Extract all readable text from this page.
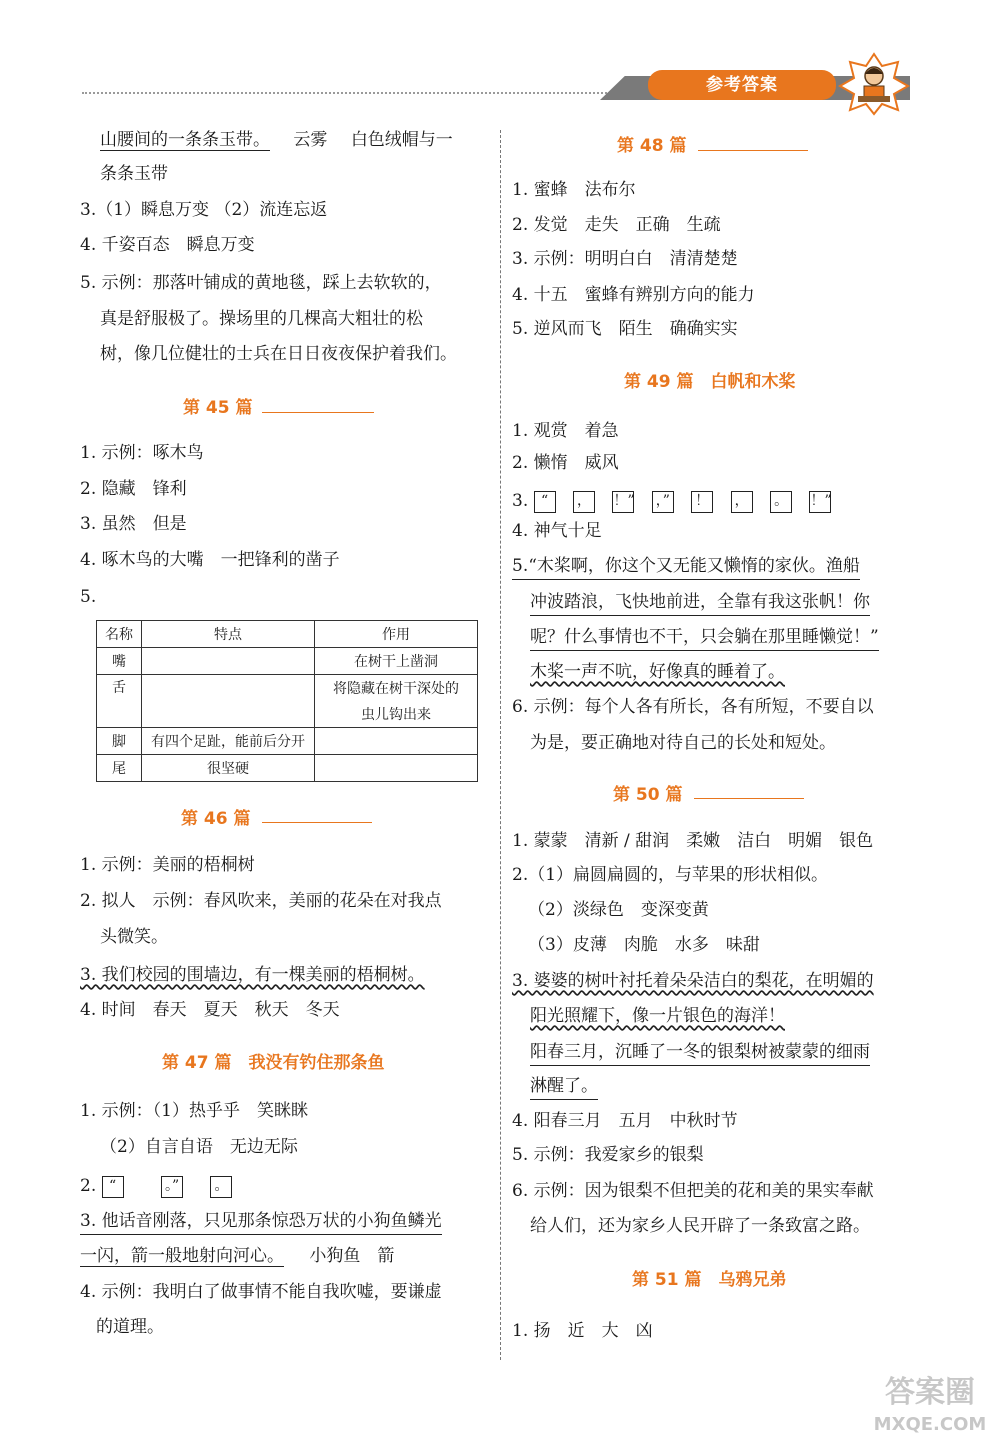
参考答案
山腰间的一条条玉带。 云雾 白色绒帽与一
条条玉带
3.（1）瞬息万变 （2）流连忘返
4. 千姿百态　瞬息万变
5. 示例：那落叶铺成的黄地毯，踩上去软软的，
真是舒服极了。操场里的几棵高大粗壮的松
树，像几位健壮的士兵在日日夜夜保护着我们。
第 45 篇
1. 示例：啄木鸟
2. 隐藏　锋利
3. 虽然　但是
4. 啄木鸟的大嘴　一把锋利的凿子
5.
名称	特点	作用
嘴		在树干上凿洞
舌		将隐藏在树干深处的
		虫儿钩出来
脚	有四个足趾，能前后分开	
尾	很坚硬	
第 46 篇
1. 示例：美丽的梧桐树
2. 拟人　示例：春风吹来，美丽的花朵在对我点
头微笑。
3. 我们校园的围墙边，有一棵美丽的梧桐树。
4. 时间　春天　夏天　秋天　冬天
第 47 篇　我没有钓住那条鱼
1. 示例：（1）热乎乎　笑眯眯
（2）自言自语　无边无际
2. “	。”	。
3. 他话音刚落，只见那条惊恐万状的小狗鱼鳞光
一闪，箭一般地射向河心。 小狗鱼　箭
4. 示例：我明白了做事情不能自我吹嘘，要谦虚
的道理。
第 48 篇
1. 蜜蜂　法布尔
2. 发觉　走失　正确　生疏
3. 示例：明明白白　清清楚楚
4. 十五　蜜蜂有辨别方向的能力
5. 逆风而飞　陌生　确确实实
第 49 篇　白帆和木桨
1. 观赏　着急
2. 懒惰　威风
3. “ ， ！” ，” ！ ， 。 ！”
4. 神气十足
5.“木桨啊，你这个又无能又懒惰的家伙。渔船
冲波踏浪，飞快地前进，全靠有我这张帆！你
呢？什么事情也不干，只会躺在那里睡懒觉！”
木桨一声不吭，好像真的睡着了。
6. 示例：每个人各有所长，各有所短，不要自以
为是，要正确地对待自己的长处和短处。
第 50 篇
1. 蒙蒙　清新 / 甜润　柔嫩　洁白　明媚　银色
2.（1）扁圆扁圆的，与苹果的形状相似。
（2）淡绿色　变深变黄
（3）皮薄　肉脆　水多　味甜
3. 婆婆的树叶衬托着朵朵洁白的梨花，在明媚的
阳光照耀下，像一片银色的海洋！
阳春三月，沉睡了一冬的银梨树被蒙蒙的细雨
淋醒了。
4. 阳春三月　五月　中秋时节
5. 示例：我爱家乡的银梨
6. 示例：因为银梨不但把美的花和美的果实奉献
给人们，还为家乡人民开辟了一条致富之路。
第 51 篇　乌鸦兄弟
1. 扬　近　大　凶
答案圈
MXQE.COM
